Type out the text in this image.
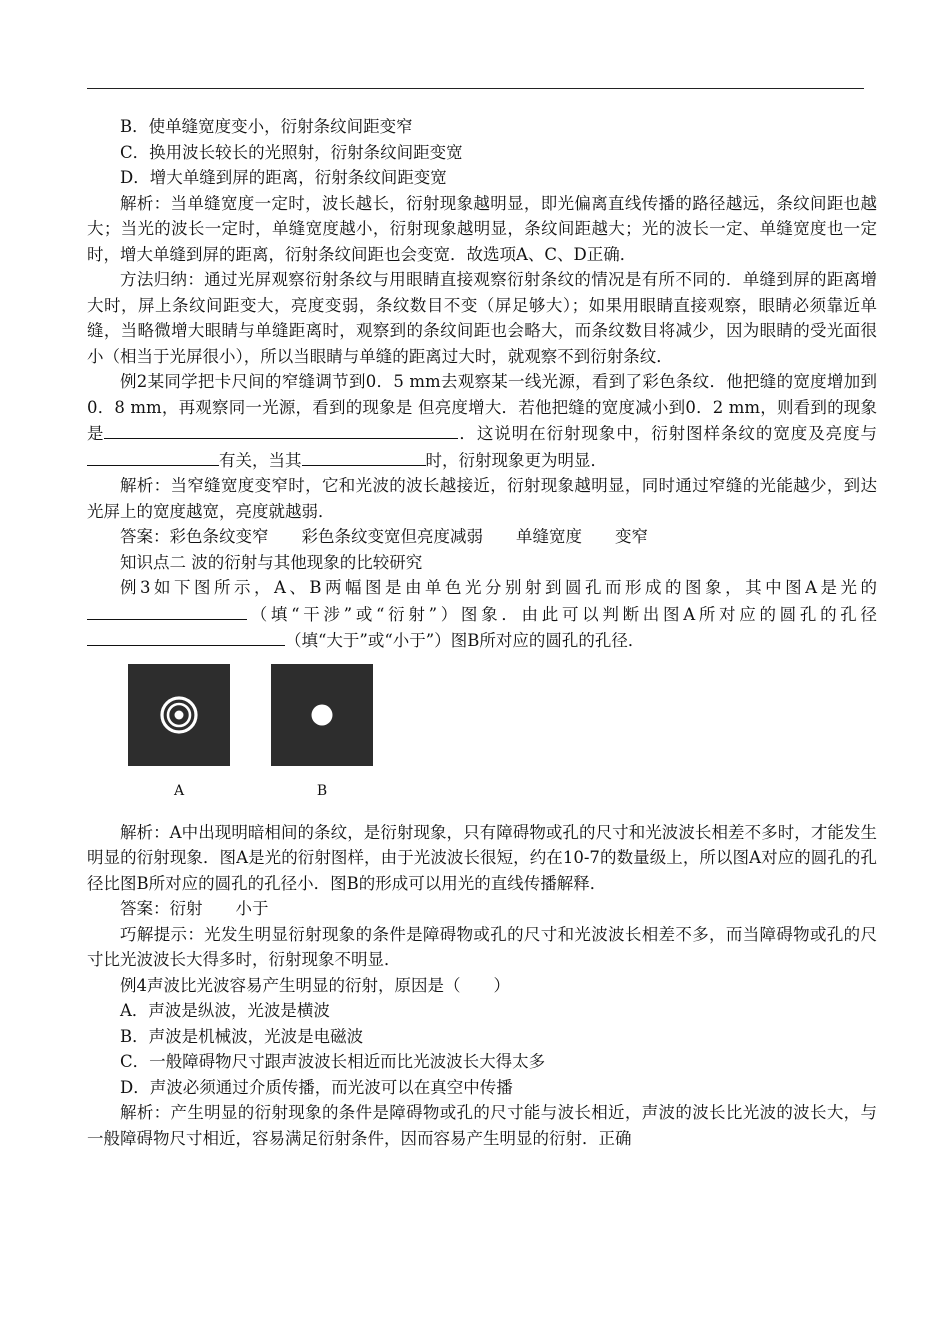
B．使单缝宽度变小，衍射条纹间距变窄

C．换用波长较长的光照射，衍射条纹间距变宽

D．增大单缝到屏的距离，衍射条纹间距变宽

解析：当单缝宽度一定时，波长越长，衍射现象越明显，即光偏离直线传播的路径越远，条纹间距也越大；当光的波长一定时，单缝宽度越小，衍射现象越明显，条纹间距越大；光的波长一定、单缝宽度也一定时，增大单缝到屏的距离，衍射条纹间距也会变宽．故选项A、C、D正确．

方法归纳：通过光屏观察衍射条纹与用眼睛直接观察衍射条纹的情况是有所不同的．单缝到屏的距离增大时，屏上条纹间距变大，亮度变弱，条纹数目不变（屏足够大）；如果用眼睛直接观察，眼睛必须靠近单缝，当略微增大眼睛与单缝距离时，观察到的条纹间距也会略大，而条纹数目将减少，因为眼睛的受光面很小（相当于光屏很小），所以当眼睛与单缝的距离过大时，就观察不到衍射条纹．

例2某同学把卡尺间的窄缝调节到0．5 mm去观察某一线光源，看到了彩色条纹．他把缝的宽度增加到0．8 mm，再观察同一光源，看到的现象是 但亮度增大．若他把缝的宽度减小到0．2 mm，则看到的现象是	．这说明在衍射现象中，衍射图样条纹的宽度及亮度与有关，当其	时，衍射现象更为明显．

解析：当窄缝宽度变窄时，它和光波的波长越接近，衍射现象越明显，同时通过窄缝的光能越少，到达光屏上的宽度越宽，亮度就越弱．

答案：彩色条纹变窄 彩色条纹变宽但亮度减弱 单缝宽度 变窄

知识点二 波的衍射与其他现象的比较研究

例3如下图所示，A、B两幅图是由单色光分别射到圆孔而形成的图象，其中图A是光的（填“干涉”或“衍射”）图象．由此可以判断出图A所对应的圆孔的孔径（填“大于”或“小于”）图B所对应的圆孔的孔径．

A	B

解析：A中出现明暗相间的条纹，是衍射现象，只有障碍物或孔的尺寸和光波波长相差不多时，才能发生明显的衍射现象．图A是光的衍射图样，由于光波波长很短，约在10-7的数量级上，所以图A对应的圆孔的孔径比图B所对应的圆孔的孔径小．图B的形成可以用光的直线传播解释．

答案：衍射 小于

巧解提示：光发生明显衍射现象的条件是障碍物或孔的尺寸和光波波长相差不多，而当障碍物或孔的尺寸比光波波长大得多时，衍射现象不明显．

例4声波比光波容易产生明显的衍射，原因是（　　）

A．声波是纵波，光波是横波

B．声波是机械波，光波是电磁波

C．一般障碍物尺寸跟声波波长相近而比光波波长大得太多

D．声波必须通过介质传播，而光波可以在真空中传播

解析：产生明显的衍射现象的条件是障碍物或孔的尺寸能与波长相近，声波的波长比光波的波长大，与一般障碍物尺寸相近，容易满足衍射条件，因而容易产生明显的衍射．正确
